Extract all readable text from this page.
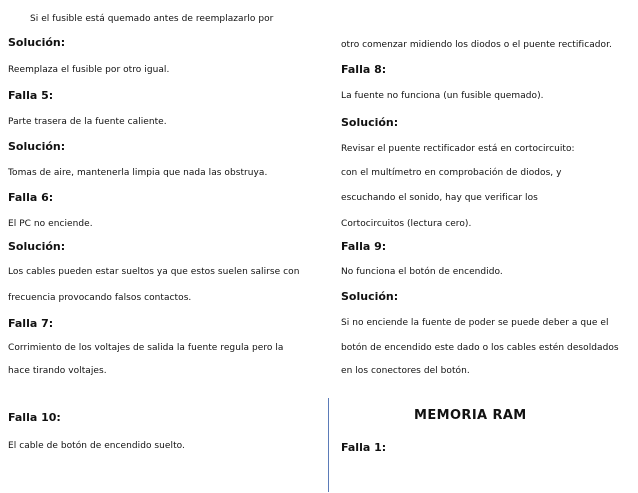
Si el fusible está quemado antes de reemplazarlo por
Solución:
Reemplaza el fusible por otro igual.
Falla 5:
Parte trasera de la fuente caliente.
Solución:
Tomas de aire, mantenerla limpia que nada las obstruya.
Falla 6:
El PC no enciende.
Solución:
Los cables pueden estar sueltos ya que estos suelen salirse con
frecuencia provocando falsos contactos.
Falla 7:
Corrimiento de los voltajes de salida la fuente regula pero la
hace tirando voltajes.
Falla 10:
El cable de botón de encendido suelto.
otro comenzar midiendo los diodos o el puente rectificador.
Falla 8:
La fuente no funciona (un fusible quemado).
Solución:
Revisar el puente rectificador está en cortocircuito:
con el multímetro en comprobación de diodos, y
escuchando el sonido, hay que verificar los
Cortocircuitos (lectura cero).
Falla 9:
No funciona el botón de encendido.
Solución:
Si no enciende la fuente de poder se puede deber a que el
botón de encendido este dado o los cables estén desoldados
en los conectores del botón.
MEMORIA RAM
Falla 1:
